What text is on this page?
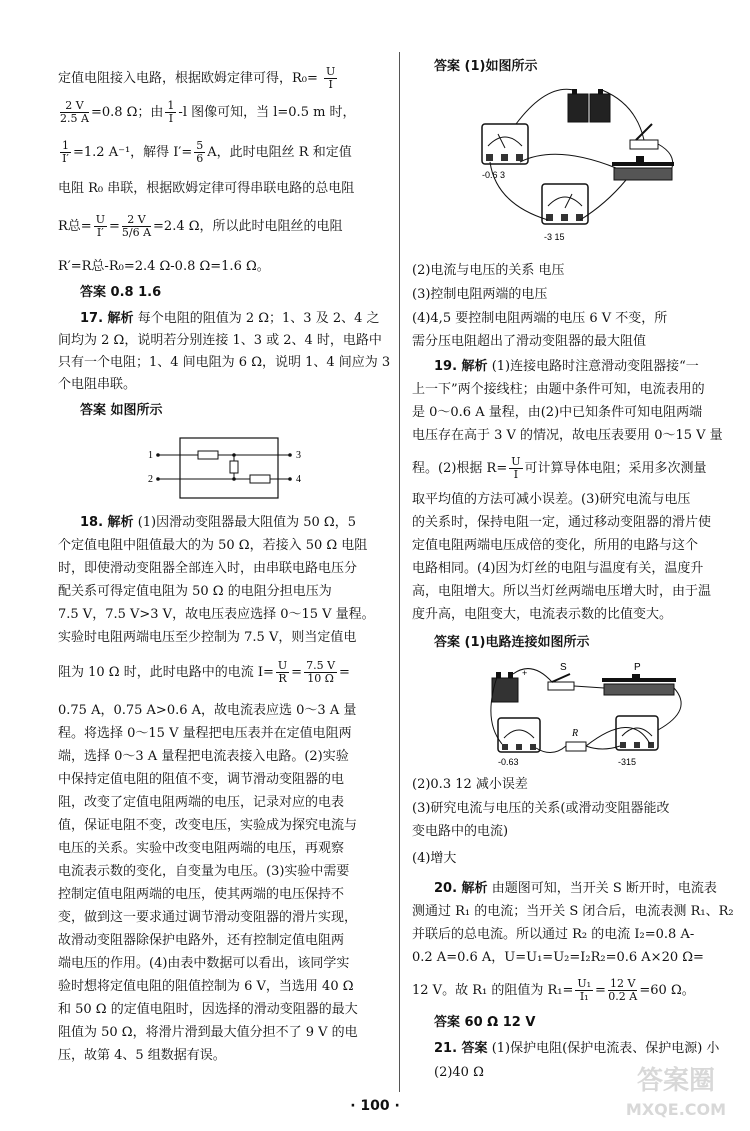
定值电阻接入电路，根据欧姆定律可得，$R_0= \frac{U}{I}$
$\frac{2 V}{2.5 A} =0.8$ Ω；由 $\frac{1}{I} -l$ 图像可知，当 l=0.5 m 时，
$\frac{1}{I'} =1.2$ A⁻¹，解得 $I'= \frac{5}{6}$ A，此时电阻丝 R 和定值
电阻 R₀ 串联，根据欧姆定律可得串联电路的总电阻
R总= $\frac{U}{I'} = \frac{2 V}{5/6 A} =2.4$ Ω，所以此时电阻丝的电阻
R′=R总-R₀=2.4 Ω-0.8 Ω=1.6 Ω。
答案 0.8 1.6
17. 解析 每个电阻的阻值为 2 Ω；1、3 及 2、4 之
间均为 2 Ω，说明若分别连接 1、3 或 2、4 时，电路中
只有一个电阻；1、4 间电阻为 6 Ω，说明 1、4 间应为 3
个电阻串联。
答案 如图所示
1
2
3
4
18. 解析 (1)因滑动变阻器最大阻值为 50 Ω，5
个定值电阻中阻值最大的为 50 Ω，若接入 50 Ω 电阻
时，即使滑动变阻器全部连入时，由串联电路电压分
配关系可得定值电阻为 50 Ω 的电阻分担电压为
7.5 V，7.5 V>3 V，故电压表应选择 0～15 V 量程。
实验时电阻两端电压至少控制为 7.5 V，则当定值电
阻为 10 Ω 时，此时电路中的电流 $I= \frac{U}{R} = \frac{7.5 V}{10 \Omega}$ =
0.75 A，0.75 A>0.6 A，故电流表应选 0～3 A 量
程。将选择 0～15 V 量程把电压表并在定值电阻两
端，选择 0～3 A 量程把电流表接入电路。(2)实验
中保持定值电阻的阻值不变，调节滑动变阻器的电
阻，改变了定值电阻两端的电压，记录对应的电表
值，保证电阻不变，改变电压，实验成为探究电流与
电压的关系。实验中改变电阻两端的电压，再观察
电流表示数的变化，自变量为电压。(3)实验中需要
控制定值电阻两端的电压，使其两端的电压保持不
变，做到这一要求通过调节滑动变阻器的滑片实现，
故滑动变阻器除保护电路外，还有控制定值电阻两
端电压的作用。(4)由表中数据可以看出，该同学实
验时想将定值电阻的阻值控制为 6 V，当选用 40 Ω
和 50 Ω 的定值电阻时，因选择的滑动变阻器的最大
阻值为 50 Ω，将滑片滑到最大值分担不了 9 V 的电
压，故第 4、5 组数据有误。
答案 (1)如图所示
-0.6 3
-3 15
(2)电流与电压的关系 电压
(3)控制电阻两端的电压
(4)4,5 要控制电阻两端的电压 6 V 不变，所
需分压电阻超出了滑动变阻器的最大阻值
19. 解析 (1)连接电路时注意滑动变阻器接“一
上一下”两个接线柱；由题中条件可知，电流表用的
是 0～0.6 A 量程，由(2)中已知条件可知电阻两端
电压存在高于 3 V 的情况，故电压表要用 0～15 V 量
程。(2)根据 $R= \frac{U}{I}$ 可计算导体电阻；采用多次测量
取平均值的方法可减小误差。(3)研究电流与电压
的关系时，保持电阻一定，通过移动变阻器的滑片使
定值电阻两端电压成倍的变化，所用的电路与这个
电路相同。(4)因为灯丝的电阻与温度有关，温度升
高，电阻增大。所以当灯丝两端电压增大时，由于温
度升高，电阻变大，电流表示数的比值变大。
答案 (1)电路连接如图所示
+	S	P
-0.63
R
-315
(2)0.3 12 减小误差
(3)研究电流与电压的关系(或滑动变阻器能改
变电路中的电流)
(4)增大
20. 解析 由题图可知，当开关 S 断开时，电流表
测通过 R₁ 的电流；当开关 S 闭合后，电流表测 R₁、R₂
并联后的总电流。所以通过 R₂ 的电流 I₂=0.8 A-
0.2 A=0.6 A，U=U₁=U₂=I₂R₂=0.6 A×20 Ω=
12 V。故 R₁ 的阻值为 $R_1= \frac{\text{U₁}}{\text{I₁}} = \frac{12 V}{0.2 A} =60$ Ω。
答案 60 Ω 12 V
21. 答案 (1)保护电阻(保护电流表、保护电源) 小
(2)40 Ω
· 100 ·
答案圈
MXQE.COM
